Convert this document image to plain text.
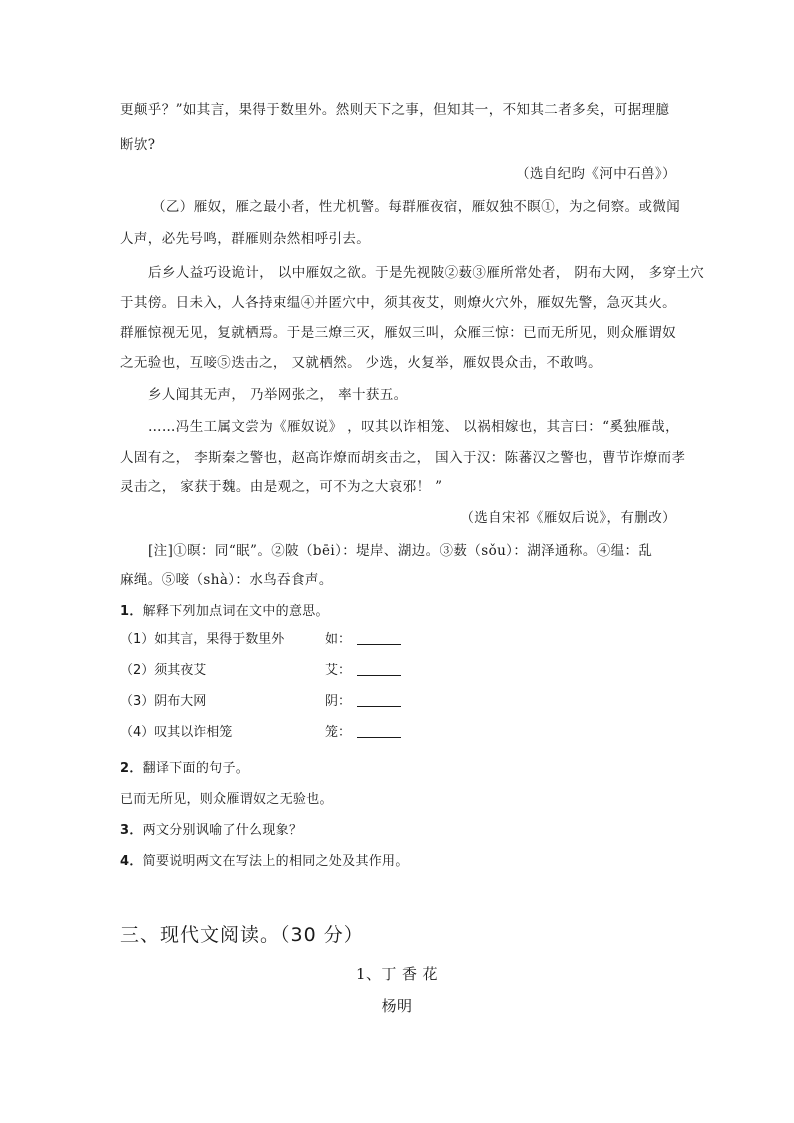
更颠乎？”如其言，果得于数里外。然则天下之事，但知其一，不知其二者多矣，可据理臆
断欤?
（选自纪昀《河中石兽》）
（乙）雁奴，雁之最小者，性尤机警。每群雁夜宿，雁奴独不瞑①，为之伺察。或微闻
人声，必先号鸣，群雁则杂然相呼引去。
后乡人益巧设诡计， 以中雁奴之欲。于是先视陂②薮③雁所常处者， 阴布大网， 多穿土穴
于其傍。日未入，人各持束缊④并匿穴中，须其夜艾，则燎火穴外，雁奴先警，急灭其火。
群雁惊视无见，复就栖焉。于是三燎三灭，雁奴三叫，众雁三惊：已而无所见，则众雁谓奴
之无验也，互唼⑤迭击之， 又就栖然。 少选，火复举，雁奴畏众击，不敢鸣。
乡人闻其无声， 乃举网张之， 率十获五。
……冯生工属文尝为《雁奴说》 ，叹其以诈相笼、 以祸相嫁也，其言曰：“奚独雁哉，
人固有之， 李斯秦之警也，赵高诈燎而胡亥击之， 国入于汉：陈蕃汉之警也，曹节诈燎而孝
灵击之， 家获于魏。由是观之，可不为之大哀邪！ ”
（选自宋祁《雁奴后说》，有删改）
[注]①暝：同“眠”。②陂（bēi）：堤岸、湖边。③薮（sǒu）：湖泽通称。④缊：乱
麻绳。⑤唼（shà）：水鸟吞食声。
1．解释下列加点词在文中的意思。
（1）如其言，果得于数里外	如：
（2）须其夜艾	艾：
（3）阴布大网	阴：
（4）叹其以诈相笼	笼：
2．翻译下面的句子。
已而无所见，则众雁谓奴之无验也。
3．两文分别讽喻了什么现象？
4．简要说明两文在写法上的相同之处及其作用。
三、现代文阅读。（30 分）
1、丁 香 花
杨明
